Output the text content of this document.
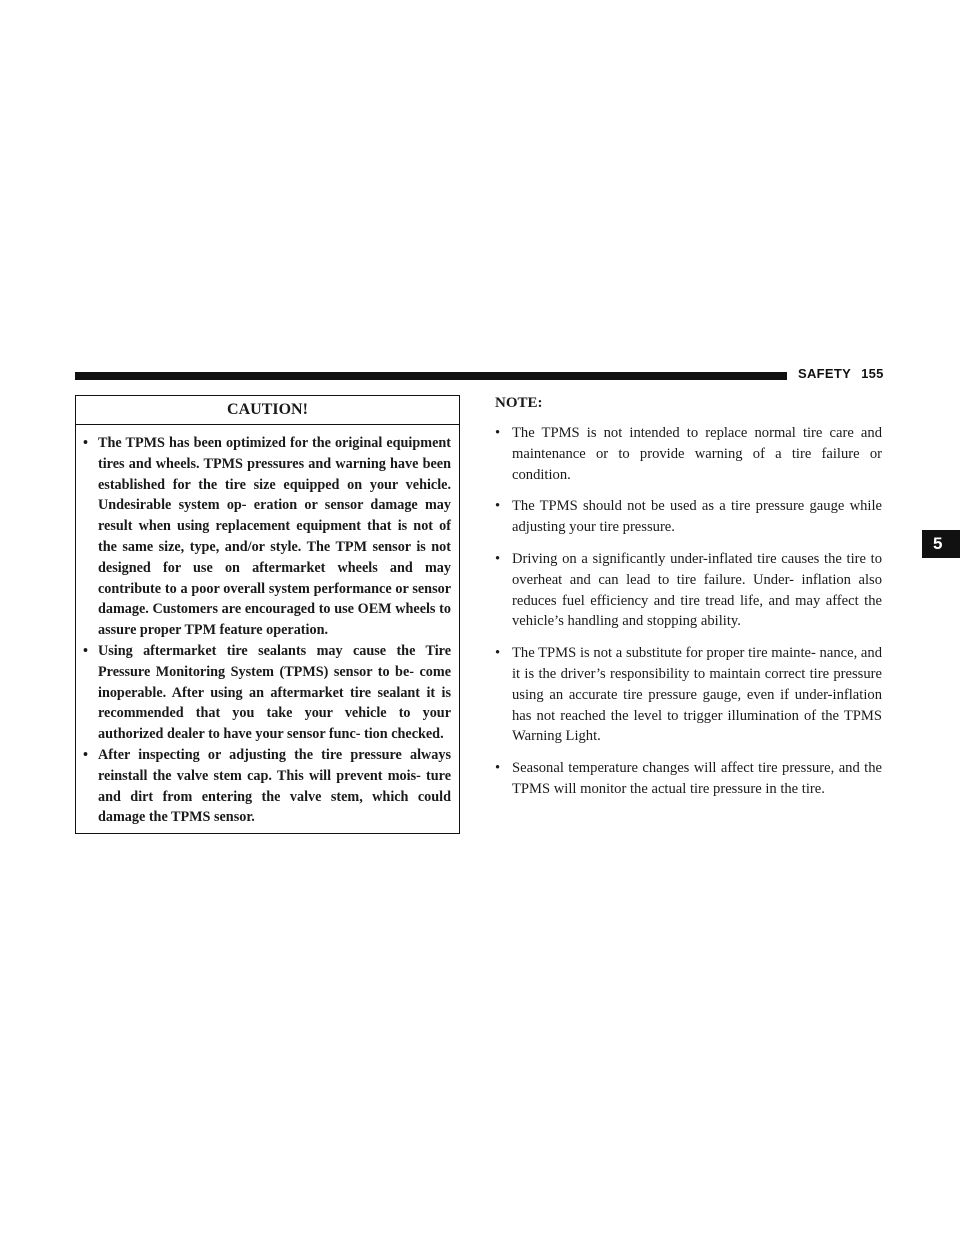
SAFETY 155
5
CAUTION!
• The TPMS has been optimized for the original equipment tires and wheels. TPMS pressures and warning have been established for the tire size equipped on your vehicle. Undesirable system op- eration or sensor damage may result when using replacement equipment that is not of the same size, type, and/or style. The TPM sensor is not designed for use on aftermarket wheels and may contribute to a poor overall system performance or sensor damage. Customers are encouraged to use OEM wheels to assure proper TPM feature operation.
• Using aftermarket tire sealants may cause the Tire Pressure Monitoring System (TPMS) sensor to be- come inoperable. After using an aftermarket tire sealant it is recommended that you take your vehicle to your authorized dealer to have your sensor func- tion checked.
• After inspecting or adjusting the tire pressure always reinstall the valve stem cap. This will prevent mois- ture and dirt from entering the valve stem, which could damage the TPMS sensor.
NOTE:
• The TPMS is not intended to replace normal tire care and maintenance or to provide warning of a tire failure or condition.
• The TPMS should not be used as a tire pressure gauge while adjusting your tire pressure.
• Driving on a significantly under-inflated tire causes the tire to overheat and can lead to tire failure. Under- inflation also reduces fuel efficiency and tire tread life, and may affect the vehicle’s handling and stopping ability.
• The TPMS is not a substitute for proper tire mainte- nance, and it is the driver’s responsibility to maintain correct tire pressure using an accurate tire pressure gauge, even if under-inflation has not reached the level to trigger illumination of the TPMS Warning Light.
• Seasonal temperature changes will affect tire pressure, and the TPMS will monitor the actual tire pressure in the tire.
